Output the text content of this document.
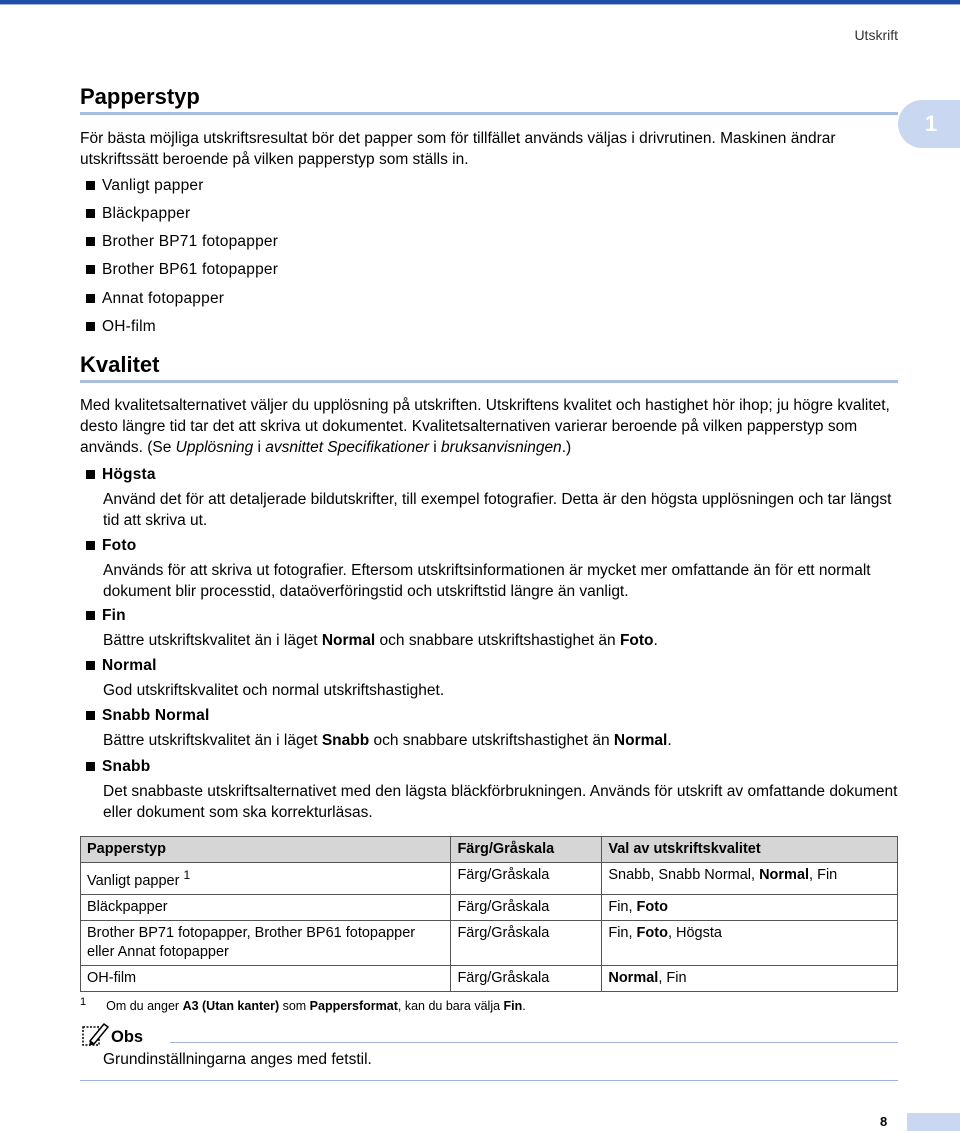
Utskrift
1
Papperstyp
För bästa möjliga utskriftsresultat bör det papper som för tillfället används väljas i drivrutinen. Maskinen ändrar utskriftssätt beroende på vilken papperstyp som ställs in.
Vanligt papper
Bläckpapper
Brother BP71 fotopapper
Brother BP61 fotopapper
Annat fotopapper
OH-film
Kvalitet
Med kvalitetsalternativet väljer du upplösning på utskriften. Utskriftens kvalitet och hastighet hör ihop; ju högre kvalitet, desto längre tid tar det att skriva ut dokumentet. Kvalitetsalternativen varierar beroende på vilken papperstyp som används. (Se Upplösning i avsnittet Specifikationer i bruksanvisningen.)
Högsta
Använd det för att detaljerade bildutskrifter, till exempel fotografier. Detta är den högsta upplösningen och tar längst tid att skriva ut.
Foto
Används för att skriva ut fotografier. Eftersom utskriftsinformationen är mycket mer omfattande än för ett normalt dokument blir processtid, dataöverföringstid och utskriftstid längre än vanligt.
Fin
Bättre utskriftskvalitet än i läget Normal och snabbare utskriftshastighet än Foto.
Normal
God utskriftskvalitet och normal utskriftshastighet.
Snabb Normal
Bättre utskriftskvalitet än i läget Snabb och snabbare utskriftshastighet än Normal.
Snabb
Det snabbaste utskriftsalternativet med den lägsta bläckförbrukningen. Används för utskrift av omfattande dokument eller dokument som ska korrekturläsas.
Papperstyp	Färg/Gråskala	Val av utskriftskvalitet
Vanligt papper $^1$	Färg/Gråskala	Snabb, Snabb Normal, Normal, Fin
Bläckpapper	Färg/Gråskala	Fin, Foto
Brother BP71 fotopapper, Brother BP61 fotopapper eller Annat fotopapper	Färg/Gråskala	Fin, Foto, Högsta
OH-film	Färg/Gråskala	Normal, Fin
$^1$ Om du anger A3 (Utan kanter) som Pappersformat, kan du bara välja Fin.
Obs
Grundinställningarna anges med fetstil.
8
